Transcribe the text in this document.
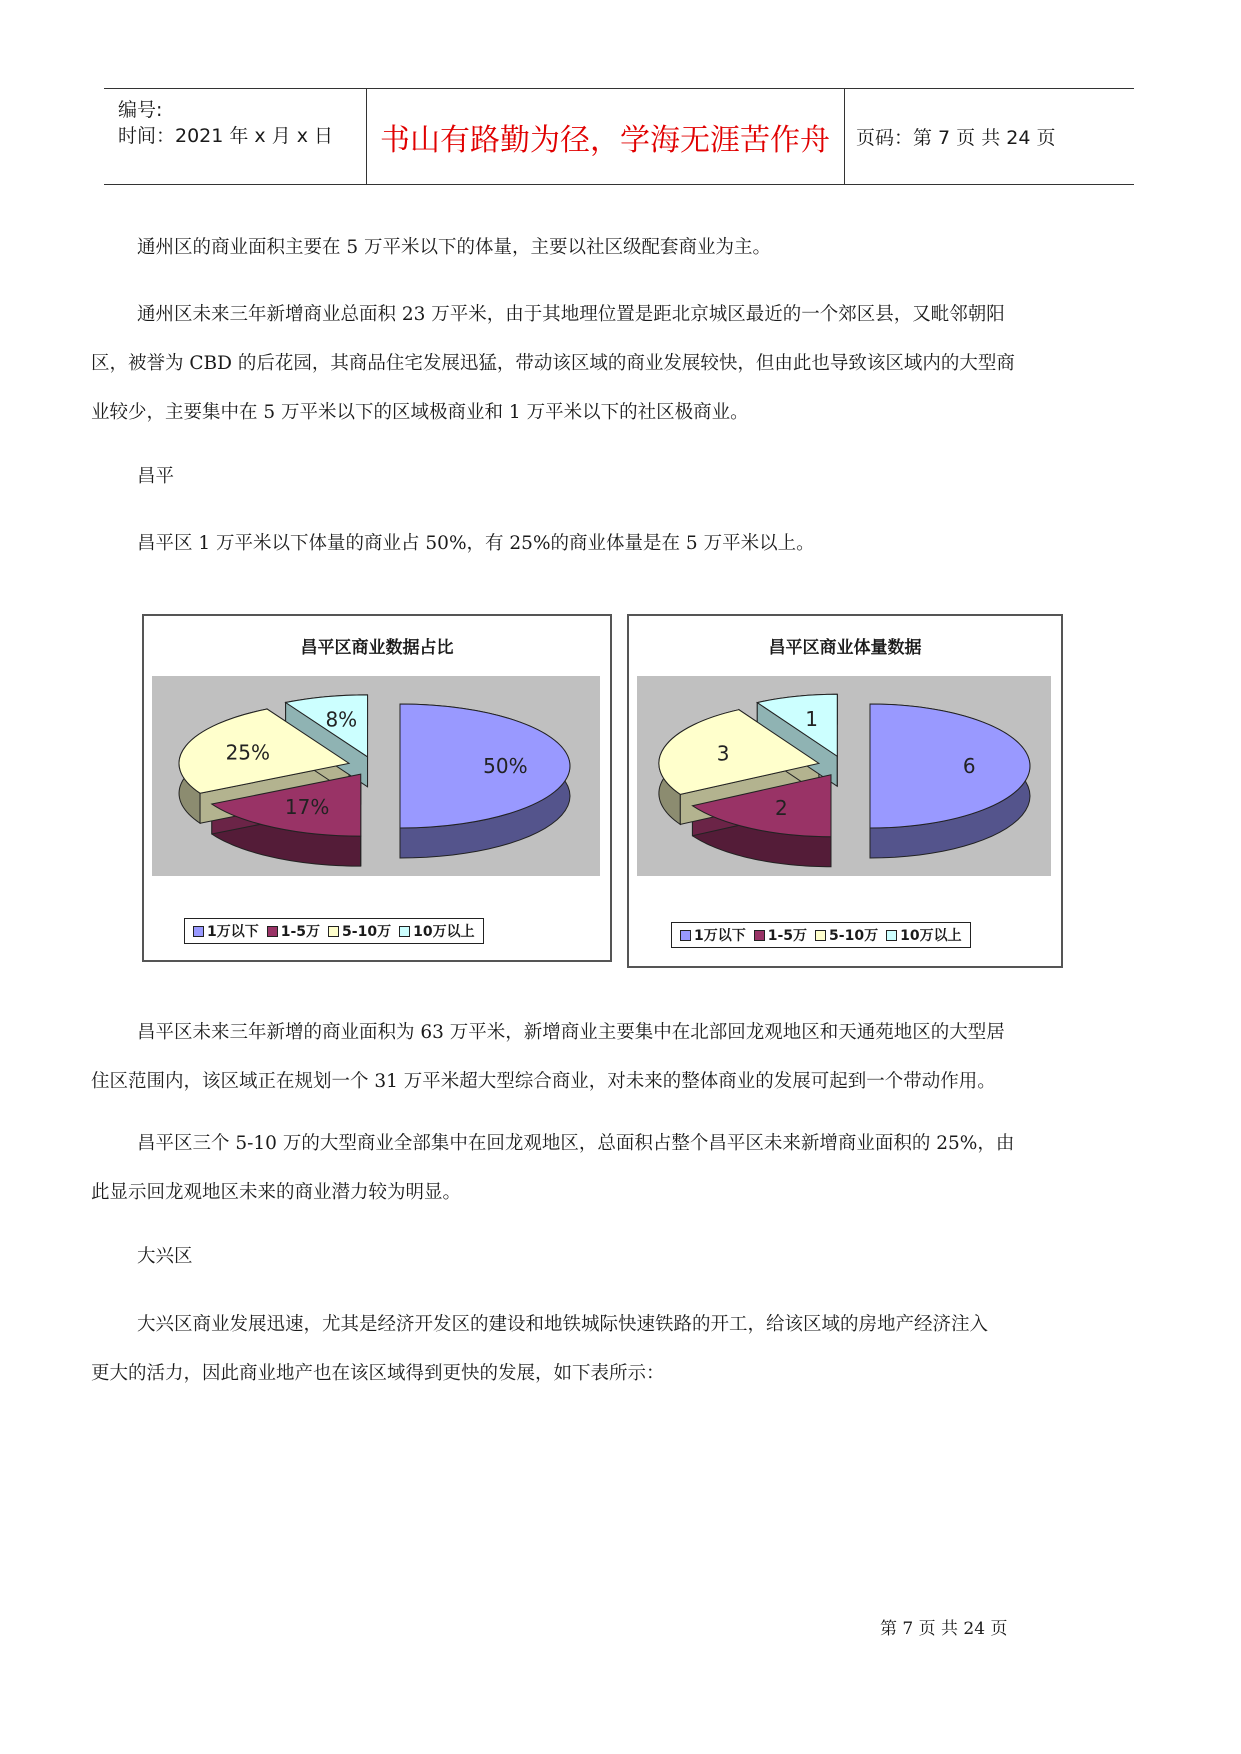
编号:
时间：2021 年 x 月 x 日	书山有路勤为径，学海无涯苦作舟	页码：第 7 页 共 24 页
通州区的商业面积主要在 5 万平米以下的体量，主要以社区级配套商业为主。
通州区未来三年新增商业总面积 23 万平米，由于其地理位置是距北京城区最近的一个郊区县，又毗邻朝阳
区，被誉为 CBD 的后花园，其商品住宅发展迅猛，带动该区域的商业发展较快，但由此也导致该区域内的大型商
业较少，主要集中在 5 万平米以下的区域极商业和 1 万平米以下的社区极商业。
昌平
昌平区 1 万平米以下体量的商业占 50%，有 25%的商业体量是在 5 万平米以上。
昌平区商业数据占比
50%
17%
25%
8%
1万以下 1-5万 5-10万 10万以上
昌平区商业体量数据
6
2
3
1
1万以下 1-5万 5-10万 10万以上
昌平区未来三年新增的商业面积为 63 万平米，新增商业主要集中在北部回龙观地区和天通苑地区的大型居
住区范围内，该区域正在规划一个 31 万平米超大型综合商业，对未来的整体商业的发展可起到一个带动作用。
昌平区三个 5-10 万的大型商业全部集中在回龙观地区，总面积占整个昌平区未来新增商业面积的 25%，由
此显示回龙观地区未来的商业潜力较为明显。
大兴区
大兴区商业发展迅速，尤其是经济开发区的建设和地铁城际快速铁路的开工，给该区域的房地产经济注入
更大的活力，因此商业地产也在该区域得到更快的发展，如下表所示：
第 7 页 共 24 页
